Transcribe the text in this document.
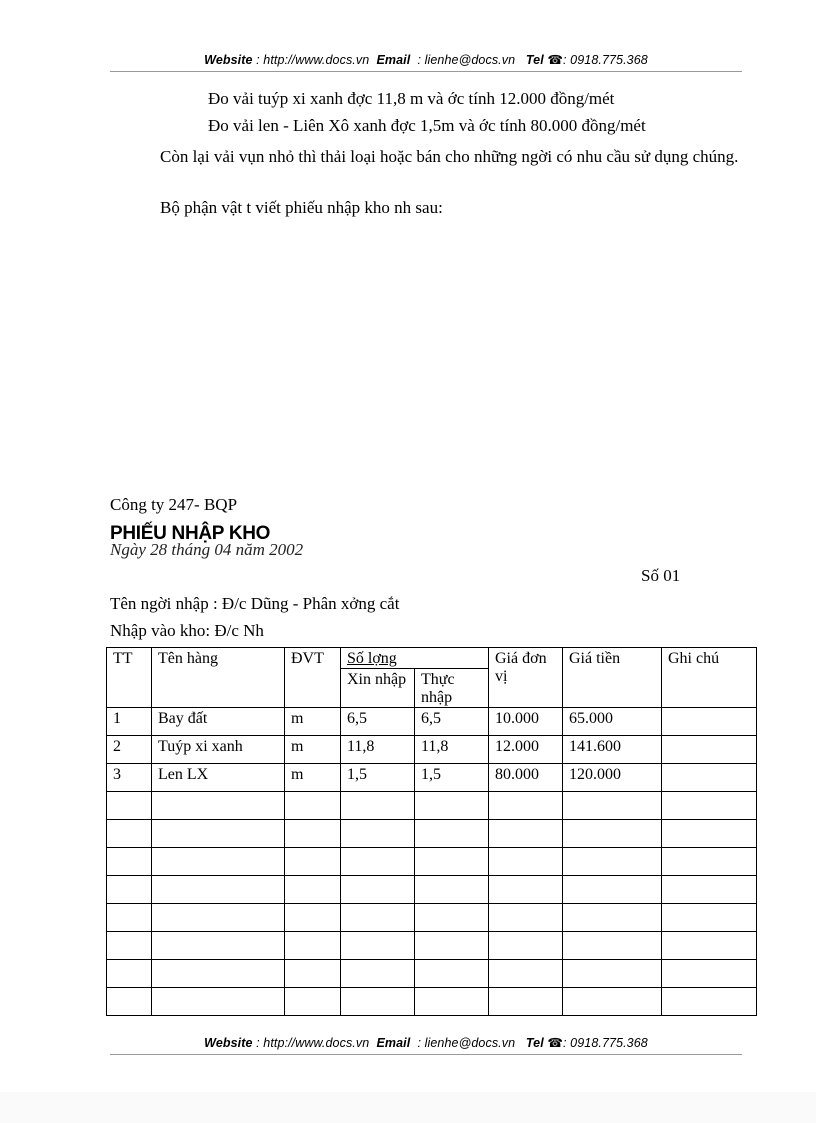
Website : http://www.docs.vn Email : lienhe@docs.vn Tel ☎: 0918.775.368
Đo vải tuýp xi xanh đợc 11,8 m và ớc tính 12.000 đồng/mét
Đo vải len - Liên Xô xanh đợc 1,5m và ớc tính 80.000 đồng/mét
Còn lại vải vụn nhỏ thì thải loại hoặc bán cho những ngời có nhu cầu sử dụng chúng.
Bộ phận vật t viết phiếu nhập kho nh sau:
Công ty 247- BQP
PHIẾU NHẬP KHO
Ngày 28 tháng 04 năm 2002
Số 01
Tên ngời nhập : Đ/c Dũng - Phân xởng cắt
Nhập vào kho: Đ/c Nh
TT	Tên hàng	ĐVT	Số lợng		Giá đơn vị	Giá tiền	Ghi chú
			Xin nhập	Thực nhập			
1	Bay đất	m	6,5	6,5	10.000	65.000	
2	Tuýp xi xanh	m	11,8	11,8	12.000	141.600	
3	Len LX	m	1,5	1,5	80.000	120.000	

Website : http://www.docs.vn Email : lienhe@docs.vn Tel ☎: 0918.775.368
